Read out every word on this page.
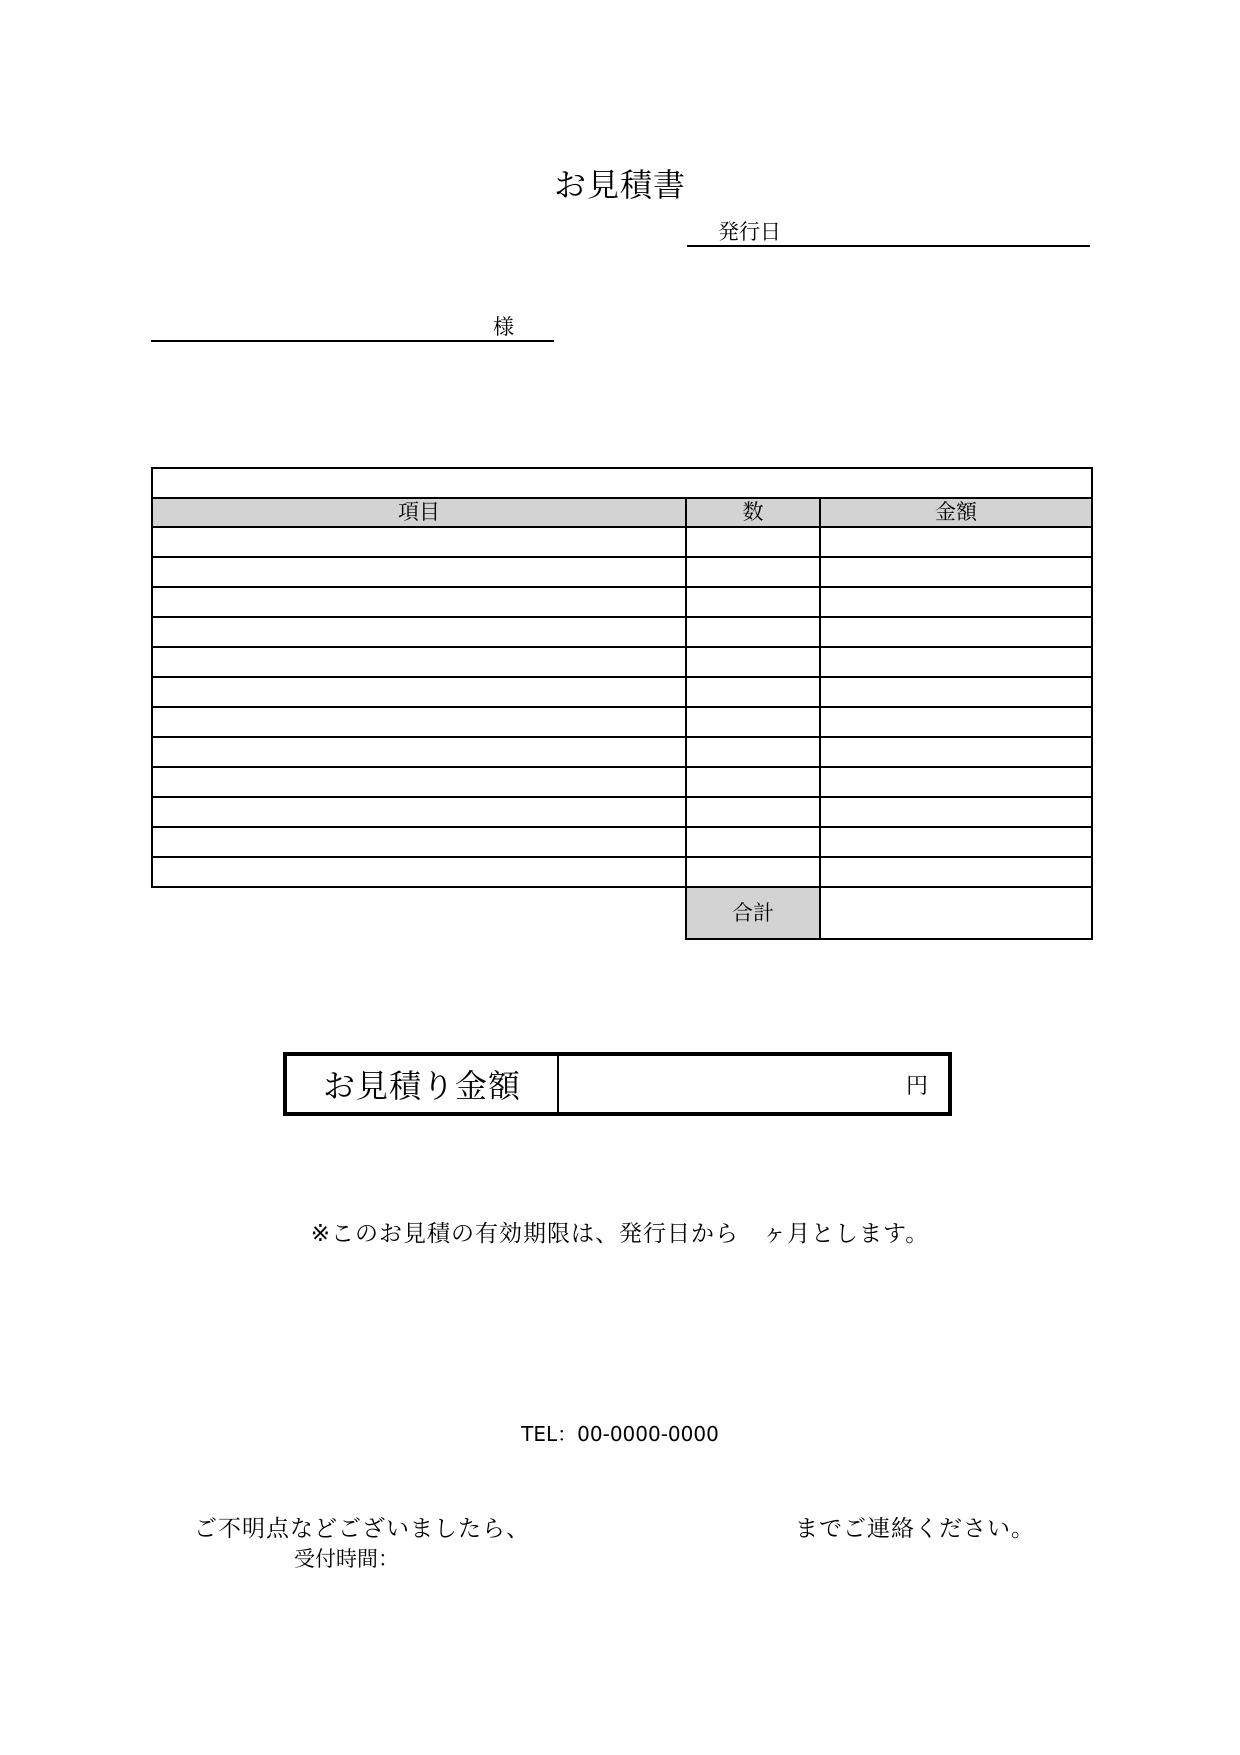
お見積書
発行日
様

項目	数	金額

	合計	
お見積り金額	円
※このお見積の有効期限は、発行日から　ヶ月とします。
TEL：00-0000-0000
ご不明点などございましたら、	までご連絡ください。
受付時間：
